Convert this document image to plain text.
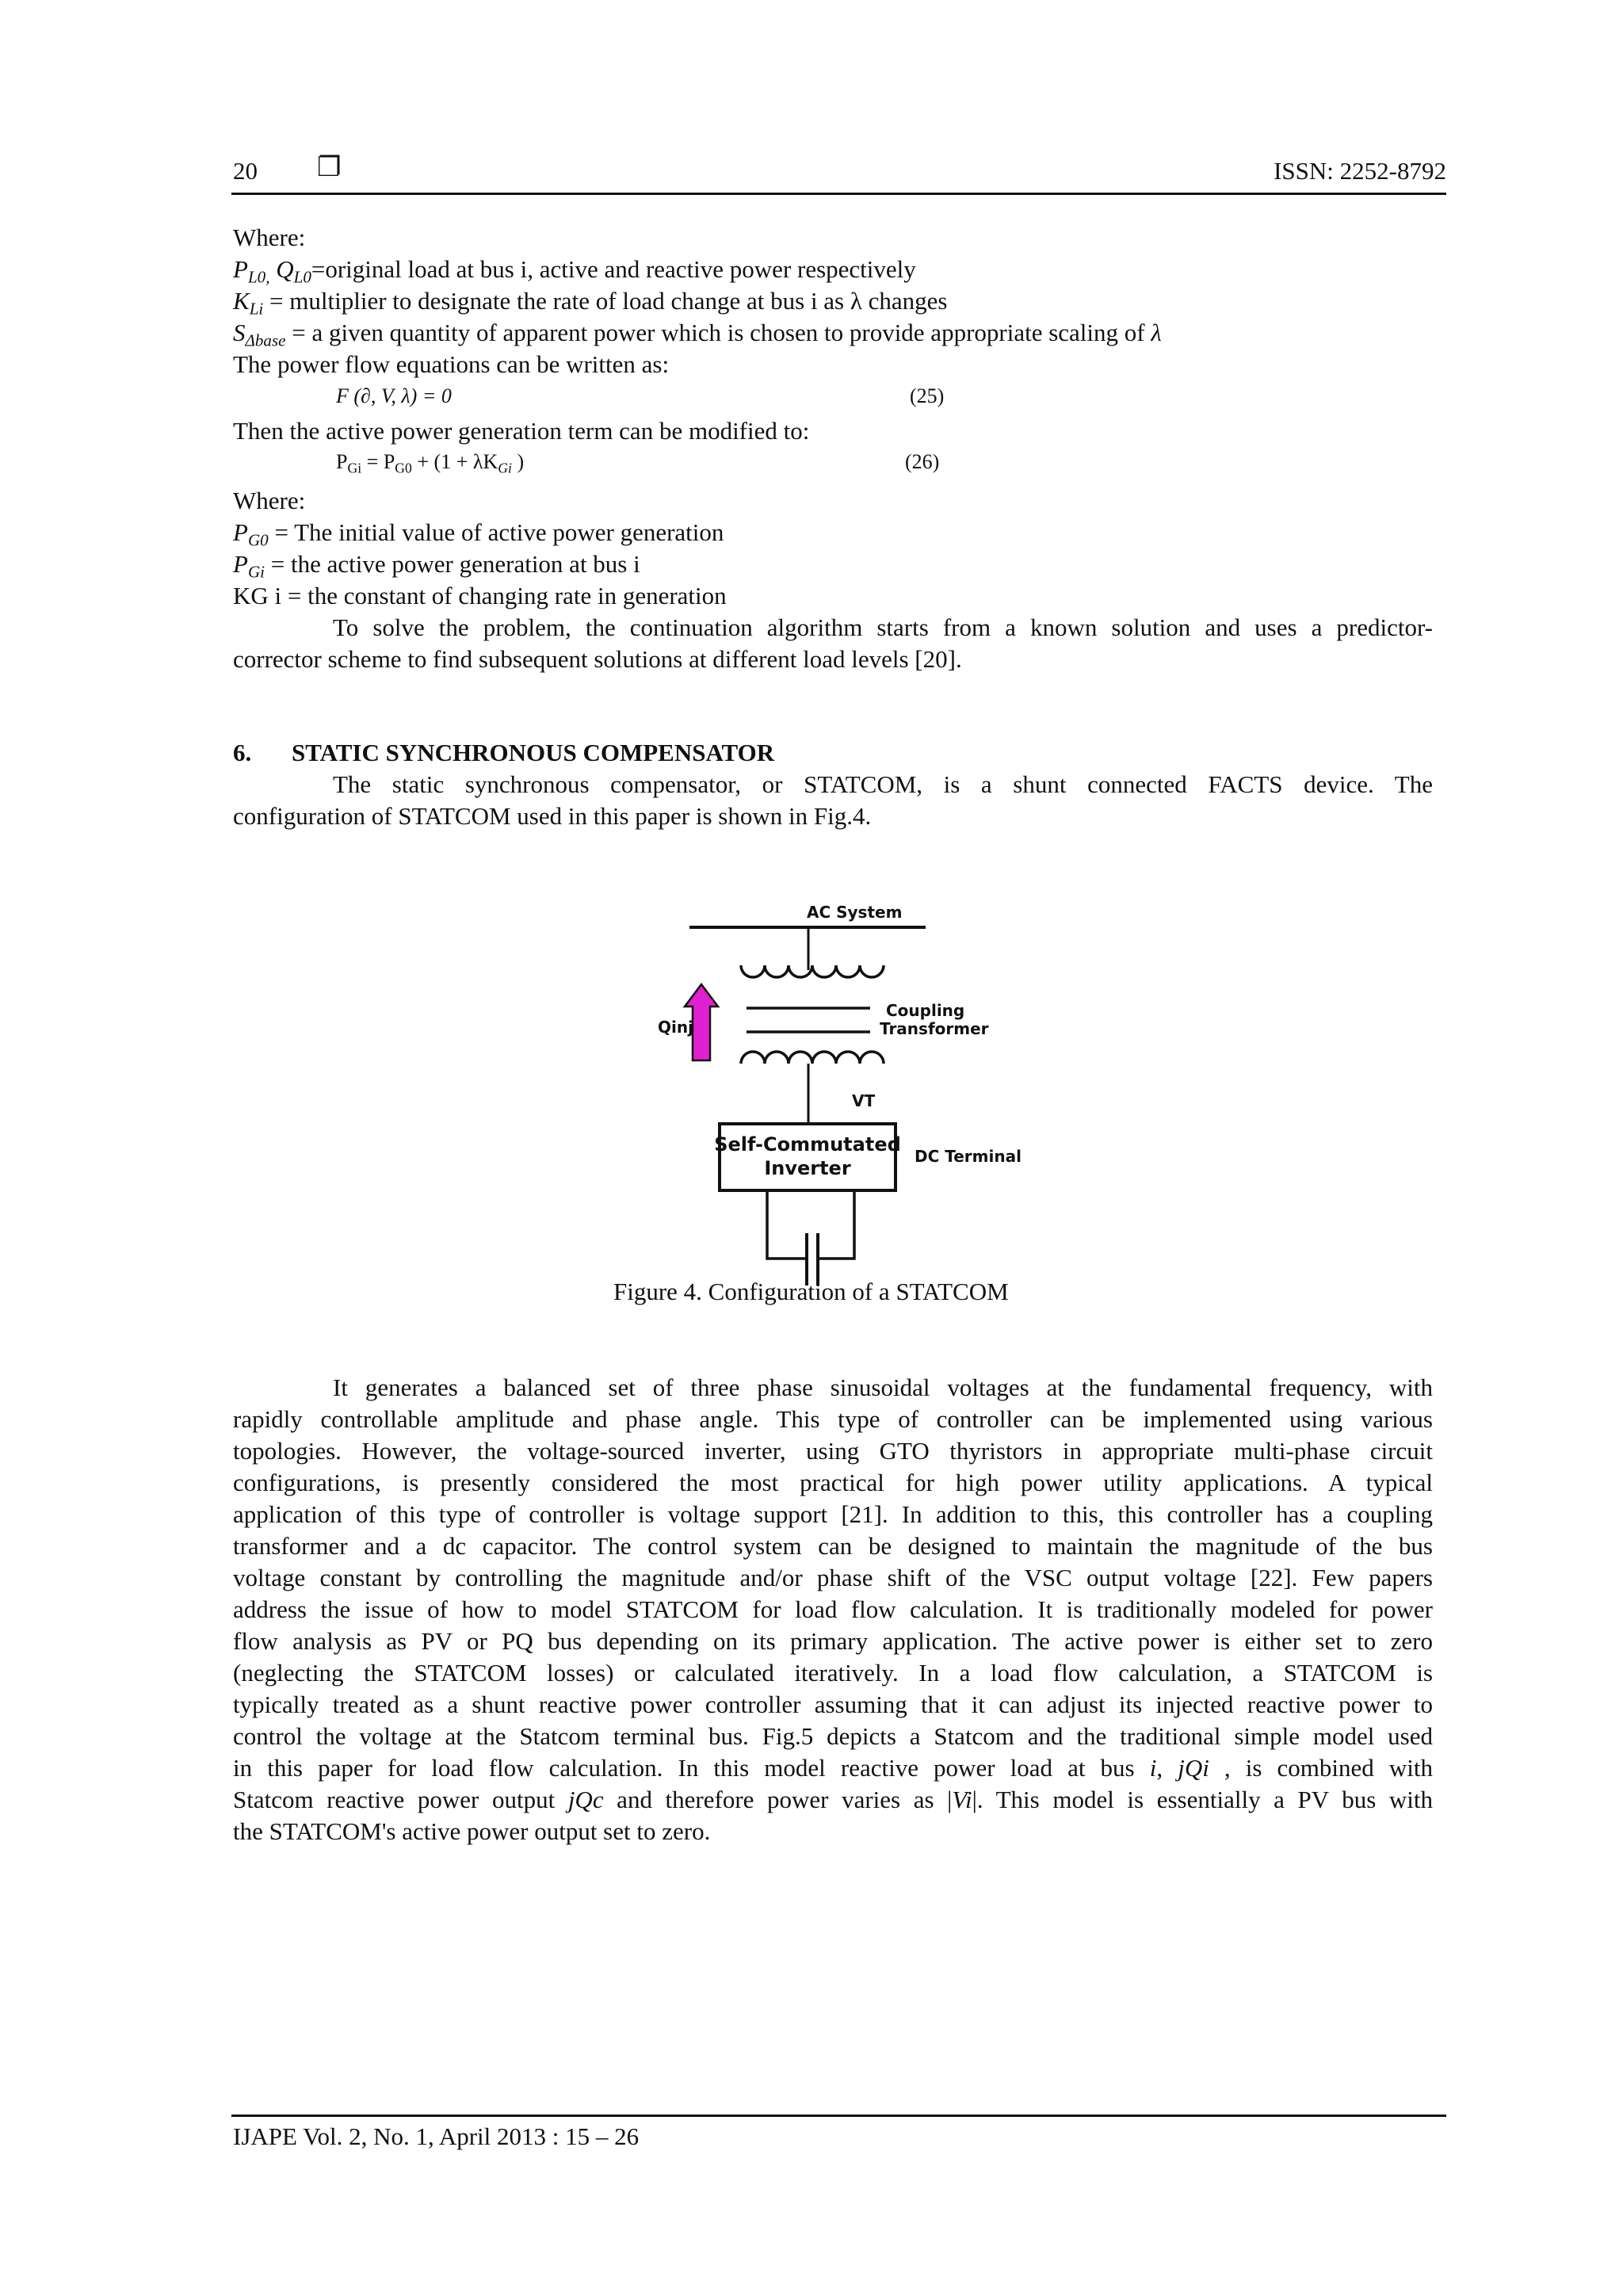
20 ❐	ISSN: 2252-8792
Where:
$P_{L0,}$ $Q_{L0}=original$ load at bus i, active and reactive power respectively
$K_{Li}$ = multiplier to designate the rate of load change at bus i as λ changes
$S_{\Delta base} = a$ given quantity of apparent power which is chosen to provide appropriate scaling of λ
The power flow equations can be written as:
F (∂, V, λ) = 0	(25)
Then the active power generation term can be modified to:
$P_{Gi} = P_{G0} + (1 + \lambda K_{Gi}$ )	(26)
Where:
$P_{G0}$ = The initial value of active power generation
$P_{Gi}$ = the active power generation at bus i
KG i = the constant of changing rate in generation
To solve the problem, the continuation algorithm starts from a known solution and uses a predictor-
corrector scheme to find subsequent solutions at different load levels [20].
6. STATIC SYNCHRONOUS COMPENSATOR
The static synchronous compensator, or STATCOM, is a shunt connected FACTS device. The
configuration of STATCOM used in this paper is shown in Fig.4.
AC System
Coupling
Transformer
VT
Qinj
Self-Commutated
Inverter
DC Terminal
Figure 4. Configuration of a STATCOM
It generates a balanced set of three phase sinusoidal voltages at the fundamental frequency, with
rapidly controllable amplitude and phase angle. This type of controller can be implemented using various
topologies. However, the voltage-sourced inverter, using GTO thyristors in appropriate multi-phase circuit
configurations, is presently considered the most practical for high power utility applications. A typical
application of this type of controller is voltage support [21]. In addition to this, this controller has a coupling
transformer and a dc capacitor. The control system can be designed to maintain the magnitude of the bus
voltage constant by controlling the magnitude and/or phase shift of the VSC output voltage [22]. Few papers
address the issue of how to model STATCOM for load flow calculation. It is traditionally modeled for power
flow analysis as PV or PQ bus depending on its primary application. The active power is either set to zero
(neglecting the STATCOM losses) or calculated iteratively. In a load flow calculation, a STATCOM is
typically treated as a shunt reactive power controller assuming that it can adjust its injected reactive power to
control the voltage at the Statcom terminal bus. Fig.5 depicts a Statcom and the traditional simple model used
in this paper for load flow calculation. In this model reactive power load at bus i, jQi , is combined with
Statcom reactive power output jQc and therefore power varies as |Vi|. This model is essentially a PV bus with
the STATCOM's active power output set to zero.
IJAPE Vol. 2, No. 1, April 2013 : 15 – 26
